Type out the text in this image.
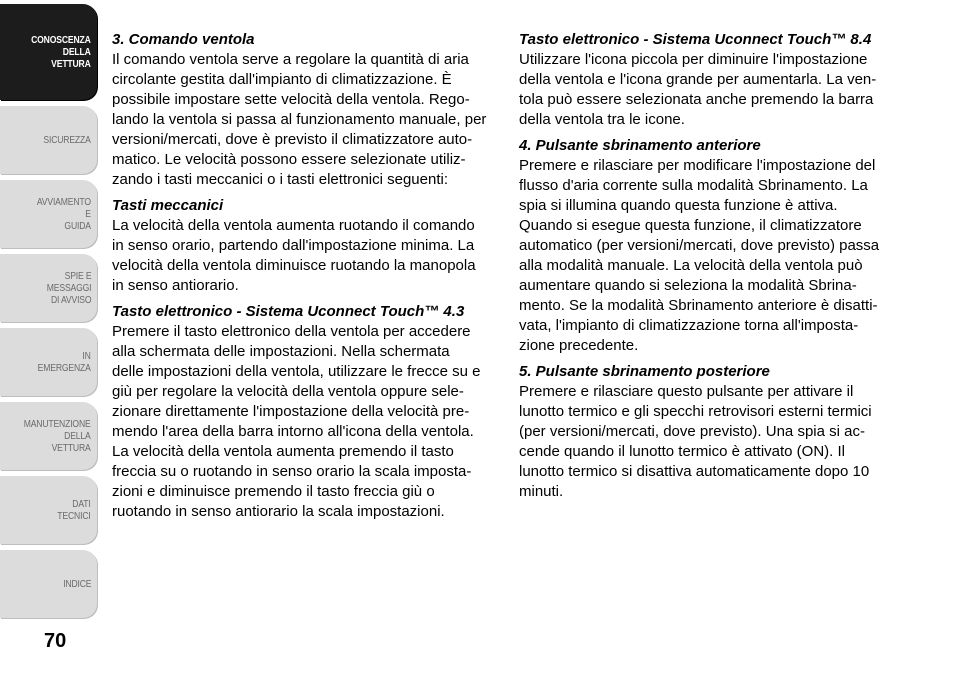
CONOSCENZA
DELLA
VETTURA
SICUREZZA
AVVIAMENTO
E
GUIDA
SPIE E
MESSAGGI
DI AVVISO
IN
EMERGENZA
MANUTENZIONE
DELLA
VETTURA
DATI
TECNICI
INDICE
70
3. Comando ventola

Il comando ventola serve a regolare la quantità di aria
circolante gestita dall'impianto di climatizzazione. È
possibile impostare sette velocità della ventola. Rego-
lando la ventola si passa al funzionamento manuale, per
versioni/mercati, dove è previsto il climatizzatore auto-
matico. Le velocità possono essere selezionate utiliz-
zando i tasti meccanici o i tasti elettronici seguenti:

Tasti meccanici

La velocità della ventola aumenta ruotando il comando
in senso orario, partendo dall'impostazione minima. La
velocità della ventola diminuisce ruotando la manopola
in senso antiorario.

Tasto elettronico - Sistema Uconnect Touch™ 4.3

Premere il tasto elettronico della ventola per accedere
alla schermata delle impostazioni. Nella schermata
delle impostazioni della ventola, utilizzare le frecce su e
giù per regolare la velocità della ventola oppure sele-
zionare direttamente l'impostazione della velocità pre-
mendo l'area della barra intorno all'icona della ventola.
La velocità della ventola aumenta premendo il tasto
freccia su o ruotando in senso orario la scala imposta-
zioni e diminuisce premendo il tasto freccia giù o
ruotando in senso antiorario la scala impostazioni.

Tasto elettronico - Sistema Uconnect Touch™ 8.4

Utilizzare l'icona piccola per diminuire l'impostazione
della ventola e l'icona grande per aumentarla. La ven-
tola può essere selezionata anche premendo la barra
della ventola tra le icone.

4. Pulsante sbrinamento anteriore

Premere e rilasciare per modificare l'impostazione del
flusso d'aria corrente sulla modalità Sbrinamento. La
spia si illumina quando questa funzione è attiva.
Quando si esegue questa funzione, il climatizzatore
automatico (per versioni/mercati, dove previsto) passa
alla modalità manuale. La velocità della ventola può
aumentare quando si seleziona la modalità Sbrina-
mento. Se la modalità Sbrinamento anteriore è disatti-
vata, l'impianto di climatizzazione torna all'imposta-
zione precedente.

5. Pulsante sbrinamento posteriore

Premere e rilasciare questo pulsante per attivare il
lunotto termico e gli specchi retrovisori esterni termici
(per versioni/mercati, dove previsto). Una spia si ac-
cende quando il lunotto termico è attivato (ON). Il
lunotto termico si disattiva automaticamente dopo 10
minuti.
